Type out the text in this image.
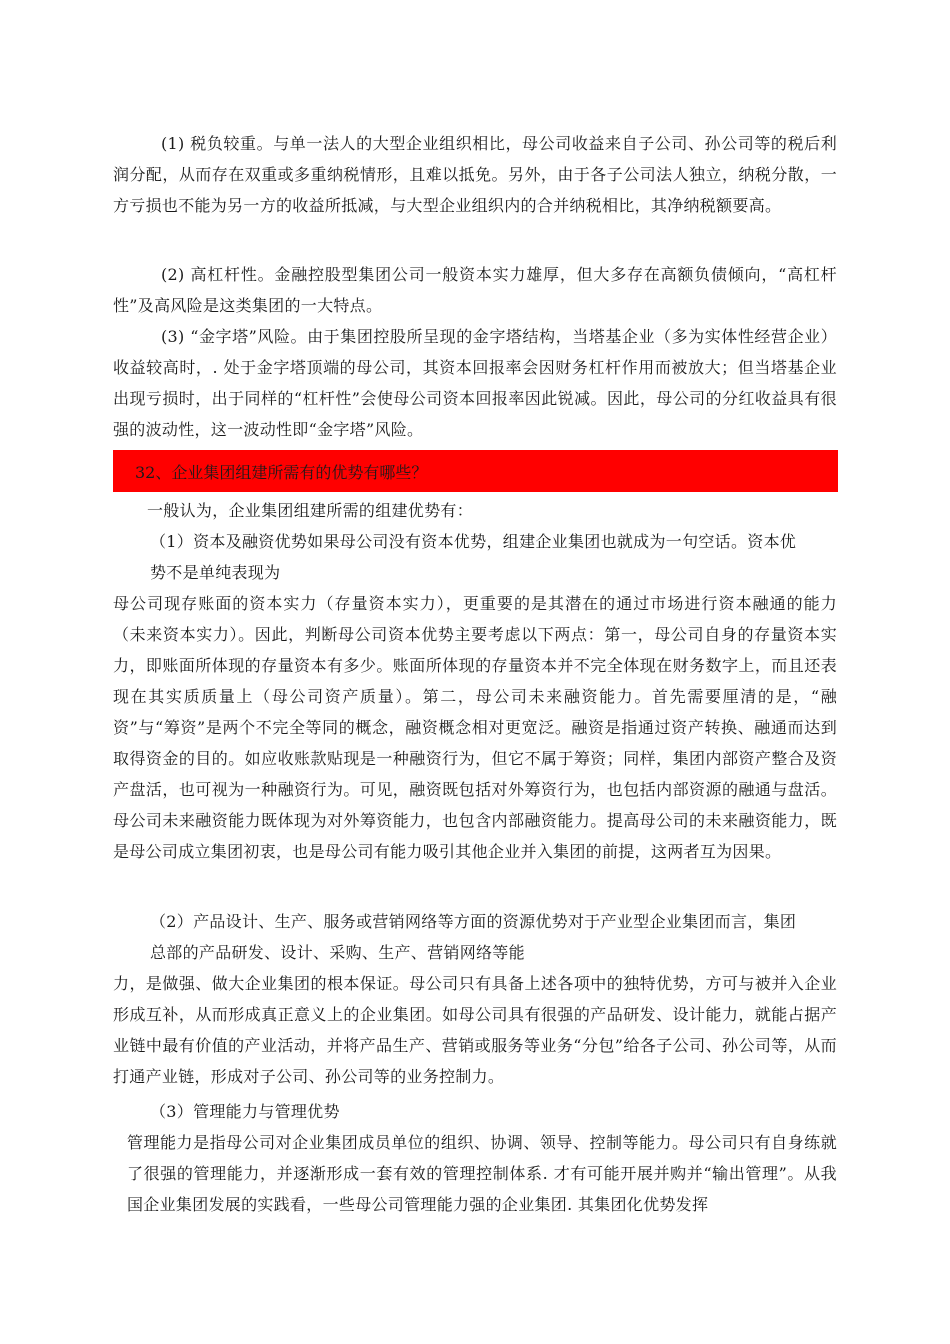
(1) 税负较重。与单一法人的大型企业组织相比，母公司收益来自子公司、孙公司等的税后利润分配，从而存在双重或多重纳税情形，且难以抵免。另外，由于各子公司法人独立，纳税分散，一方亏损也不能为另一方的收益所抵减，与大型企业组织内的合并纳税相比，其净纳税额要高。

(2) 高杠杆性。金融控股型集团公司一般资本实力雄厚，但大多存在高额负债倾向，“高杠杆性”及高风险是这类集团的一大特点。

(3) “金字塔”风险。由于集团控股所呈现的金字塔结构，当塔基企业（多为实体性经营企业）收益较高时，. 处于金字塔顶端的母公司，其资本回报率会因财务杠杆作用而被放大；但当塔基企业出现亏损时，出于同样的“杠杆性”会使母公司资本回报率因此锐减。因此，母公司的分红收益具有很强的波动性，这一波动性即“金字塔”风险。

32、企业集团组建所需有的优势有哪些？

一般认为，企业集团组建所需的组建优势有：

（1）资本及融资优势如果母公司没有资本优势，组建企业集团也就成为一句空话。资本优

势不是单纯表现为

母公司现存账面的资本实力（存量资本实力），更重要的是其潜在的通过市场进行资本融通的能力（未来资本实力）。因此，判断母公司资本优势主要考虑以下两点：第一，母公司自身的存量资本实力，即账面所体现的存量资本有多少。账面所体现的存量资本并不完全体现在财务数字上，而且还表现在其实质质量上（母公司资产质量）。第二，母公司未来融资能力。首先需要厘清的是，“融资”与“筹资”是两个不完全等同的概念，融资概念相对更宽泛。融资是指通过资产转换、融通而达到取得资金的目的。如应收账款贴现是一种融资行为，但它不属于筹资；同样，集团内部资产整合及资产盘活，也可视为一种融资行为。可见，融资既包括对外筹资行为，也包括内部资源的融通与盘活。母公司未来融资能力既体现为对外筹资能力，也包含内部融资能力。提高母公司的未来融资能力，既是母公司成立集团初衷，也是母公司有能力吸引其他企业并入集团的前提，这两者互为因果。

（2）产品设计、生产、服务或营销网络等方面的资源优势对于产业型企业集团而言，集团

总部的产品研发、设计、采购、生产、营销网络等能

力，是做强、做大企业集团的根本保证。母公司只有具备上述各项中的独特优势，方可与被并入企业形成互补，从而形成真正意义上的企业集团。如母公司具有很强的产品研发、设计能力，就能占据产业链中最有价值的产业活动，并将产品生产、营销或服务等业务“分包”给各子公司、孙公司等，从而打通产业链，形成对子公司、孙公司等的业务控制力。

（3）管理能力与管理优势

管理能力是指母公司对企业集团成员单位的组织、协调、领导、控制等能力。母公司只有自身练就了很强的管理能力，并逐渐形成一套有效的管理控制体系. 才有可能开展并购并“输出管理”。从我国企业集团发展的实践看，一些母公司管理能力强的企业集团. 其集团化优势发挥
